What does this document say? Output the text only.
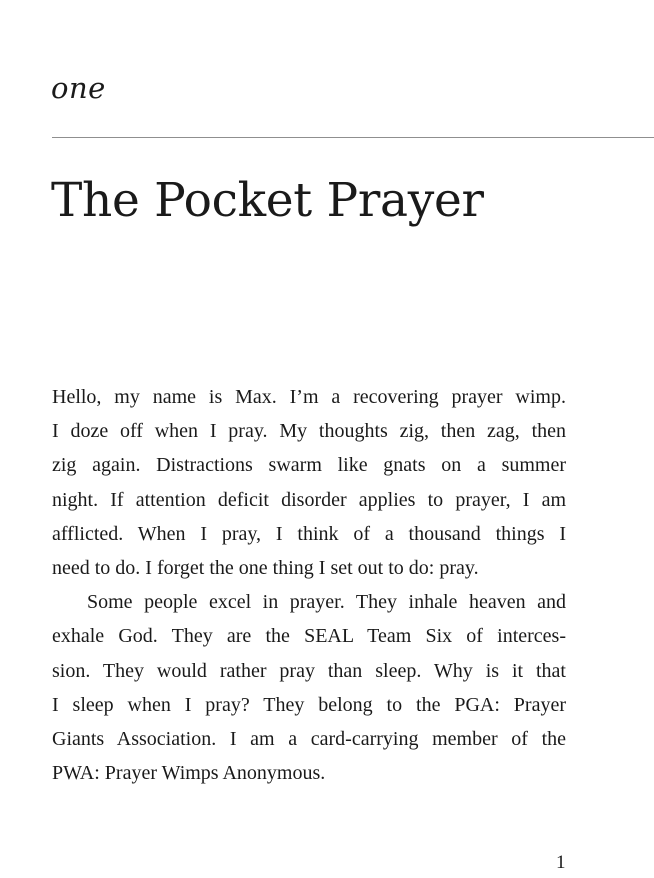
one
The Pocket Prayer

Hello, my name is Max. I’m a recovering prayer wimp.
I doze off when I pray. My thoughts zig, then zag, then
zig again. Distractions swarm like gnats on a summer
night. If attention deficit disorder applies to prayer, I am
afflicted. When I pray, I think of a thousand things I
need to do. I forget the one thing I set out to do: pray.

Some people excel in prayer. They inhale heaven and
exhale God. They are the SEAL Team Six of interces-
sion. They would rather pray than sleep. Why is it that
I sleep when I pray? They belong to the PGA: Prayer
Giants Association. I am a card-carrying member of the
PWA: Prayer Wimps Anonymous.

1
